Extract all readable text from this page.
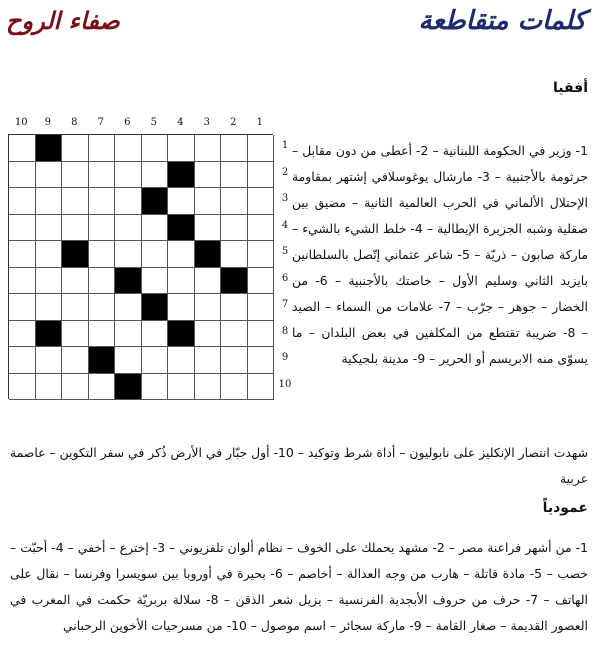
كلمات متقاطعة
صفاء الروح
أفقيا
10	9	8	7	6	5	4	3	2	1
1
2
3
4
5
6
7
8
9
10
1- وزير في الحكومة اللبنانية – 2- أعطى من دون مقابل – جرثومة بالأجنبية – 3- مارشال يوغوسلافي إشتهر بمقاومة الإحتلال الألماني في الحرب العالمية الثانية – مضيق بين صقلية وشبه الجزيرة الإيطالية – 4- خلط الشيء بالشيء – ماركة صابون – ذريّة – 5- شاعر عثماني إتّصل بالسلطانين بايزيد الثاني وسليم الأول – خاصتك بالأجنبية – 6- من الخضار – جوهر – جرّب – 7- علامات من السماء – الصيد – 8- ضريبة تقتطع من المكلفين في بعض البلدان – ما يسوّى منه الابريسم أو الحرير – 9- مدينة بلجيكية
شهدت انتصار الإنكليز على نابوليون – أداة شرط وتوكيد – 10- أول جبّار في الأرض ذُكر في سفر التكوين – عاصمة عربية
عمودياً
1- من أشهر فراعنة مصر – 2- مشهد يحملك على الخوف – نظام ألوان تلفزيوني – 3- إخترع – أخفي – 4- أحبّت – خصب – 5- مادة قاتلة – هارب من وجه العدالة – أخاصم – 6- بحيرة في أوروبا بين سويسرا وفرنسا – نقال على الهاتف – 7- حرف من حروف الأبجدية الفرنسية – يزيل شعر الذقن – 8- سلالة بربريّة حكمت في المغرب في العصور القديمة – صغار القامة – 9- ماركة سجائر – اسم موصول – 10- من مسرحيات الأخوين الرحباني
